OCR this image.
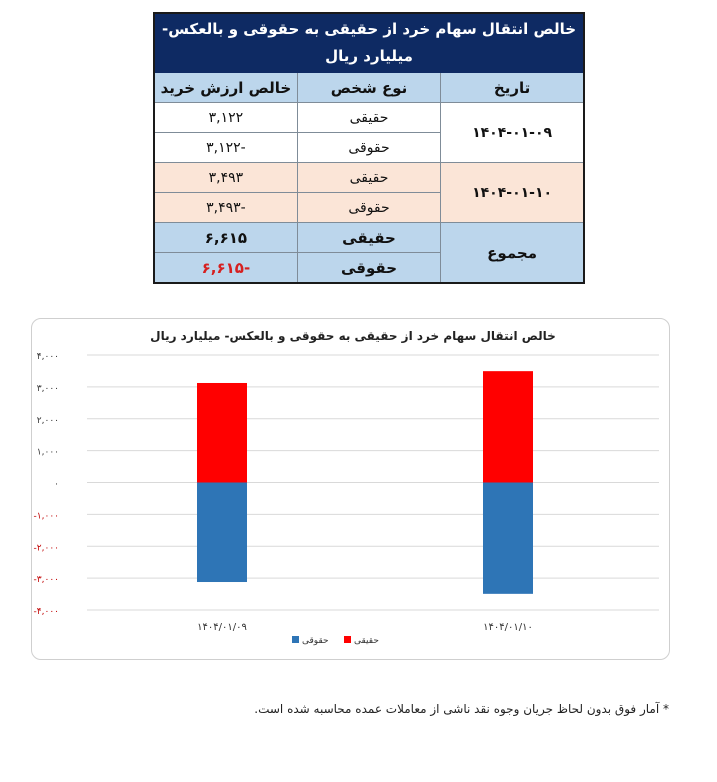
خالص انتقال سهام خرد از حقیقی به حقوقی و بالعکس- میلیارد ریال		
تاریخ	نوع شخص	خالص ارزش خرید
۱۴۰۴-۰۱-۰۹	حقیقی	۳,۱۲۲
	حقوقی	-۳,۱۲۲
۱۴۰۴-۰۱-۱۰	حقیقی	۳,۴۹۳
	حقوقی	-۳,۴۹۳
مجموع	حقیقی	۶,۶۱۵
	حقوقی	-۶,۶۱۵
خالص انتقال سهام خرد از حقیقی به حقوقی و بالعکس- میلیارد ریال
۴,۰۰۰
۳,۰۰۰
۲,۰۰۰
۱,۰۰۰
۰
-۱,۰۰۰
-۲,۰۰۰
-۳,۰۰۰
-۴,۰۰۰
۱۴۰۴/۰۱/۰۹	۱۴۰۴/۰۱/۱۰
حقوقی	حقیقی
* آمار فوق بدون لحاظ جریان وجوه نقد ناشی از معاملات عمده محاسبه شده است.
